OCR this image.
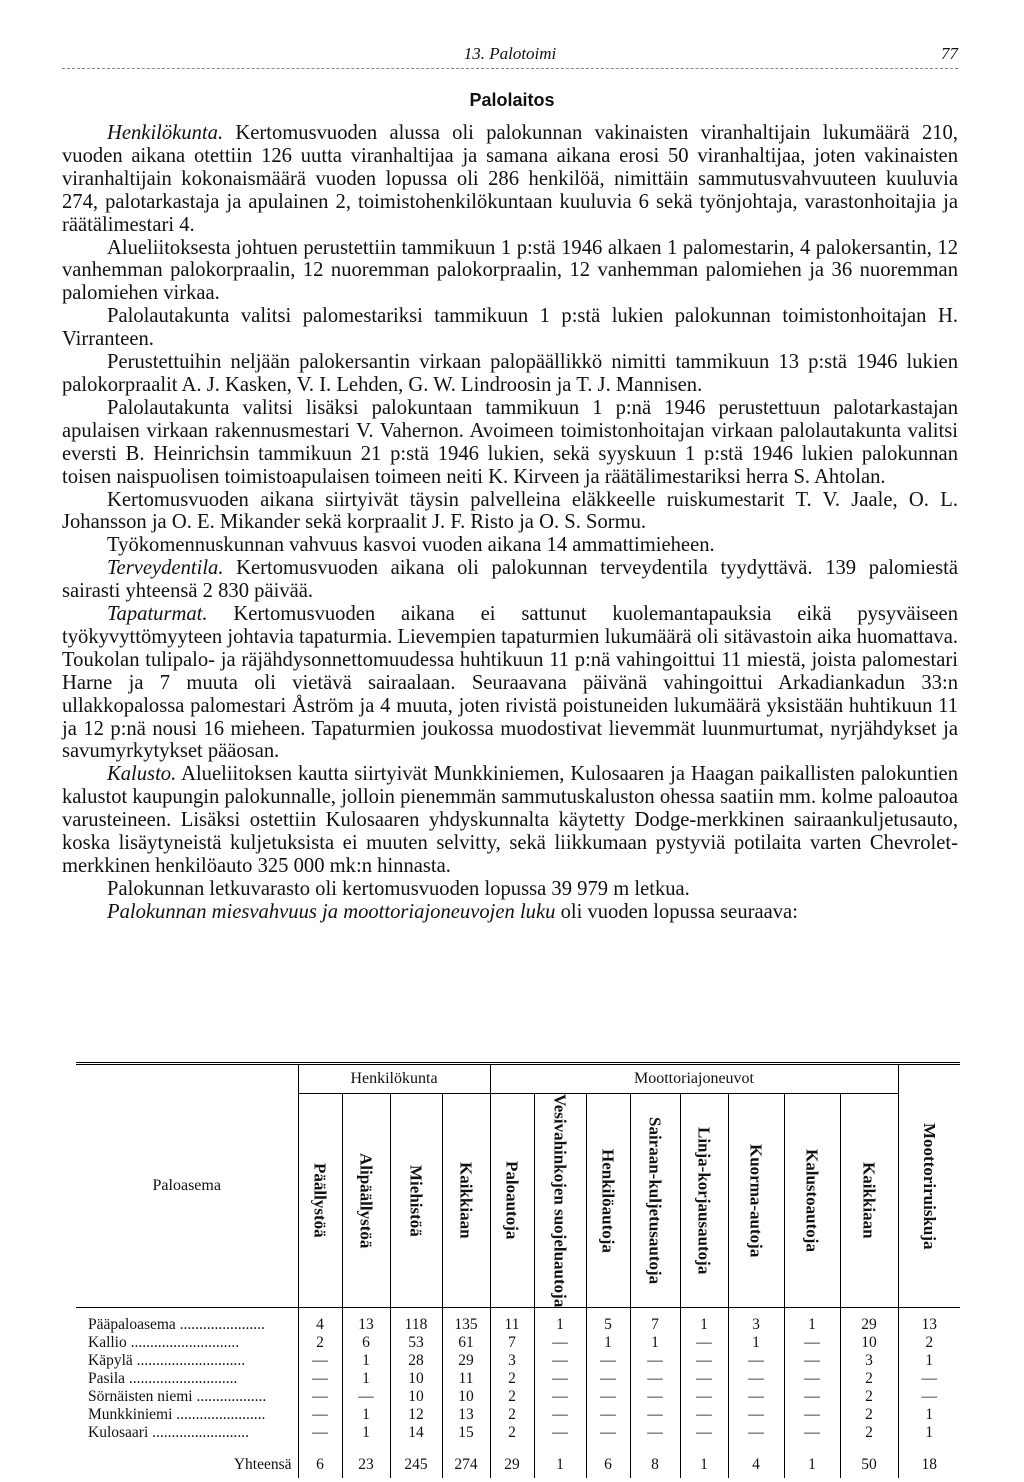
13. Palotoimi	77
Palolaitos

Henkilökunta. Kertomusvuoden alussa oli palokunnan vakinaisten viranhaltijain lukumäärä 210, vuoden aikana otettiin 126 uutta viranhaltijaa ja samana aikana erosi 50 viranhaltijaa, joten vakinaisten viranhaltijain kokonaismäärä vuoden lopussa oli 286 henkilöä, nimittäin sammutusvahvuuteen kuuluvia 274, palotarkastaja ja apulainen 2, toimistohenkilökuntaan kuuluvia 6 sekä työnjohtaja, varastonhoitajia ja räätälimestari 4.

Alueliitoksesta johtuen perustettiin tammikuun 1 p:stä 1946 alkaen 1 palomestarin, 4 palokersantin, 12 vanhemman palokorpraalin, 12 nuoremman palokorpraalin, 12 vanhemman palomiehen ja 36 nuoremman palomiehen virkaa.

Palolautakunta valitsi palomestariksi tammikuun 1 p:stä lukien palokunnan toimistonhoitajan H. Virranteen.

Perustettuihin neljään palokersantin virkaan palopäällikkö nimitti tammikuun 13 p:stä 1946 lukien palokorpraalit A. J. Kasken, V. I. Lehden, G. W. Lindroosin ja T. J. Mannisen.

Palolautakunta valitsi lisäksi palokuntaan tammikuun 1 p:nä 1946 perustettuun palotarkastajan apulaisen virkaan rakennusmestari V. Vahernon. Avoimeen toimistonhoitajan virkaan palolautakunta valitsi eversti B. Heinrichsin tammikuun 21 p:stä 1946 lukien, sekä syyskuun 1 p:stä 1946 lukien palokunnan toisen naispuolisen toimistoapulaisen toimeen neiti K. Kirveen ja räätälimestariksi herra S. Ahtolan.

Kertomusvuoden aikana siirtyivät täysin palvelleina eläkkeelle ruiskumestarit T. V. Jaale, O. L. Johansson ja O. E. Mikander sekä korpraalit J. F. Risto ja O. S. Sormu.

Työkomennuskunnan vahvuus kasvoi vuoden aikana 14 ammattimieheen.

Terveydentila. Kertomusvuoden aikana oli palokunnan terveydentila tyydyttävä. 139 palomiestä sairasti yhteensä 2 830 päivää.

Tapaturmat. Kertomusvuoden aikana ei sattunut kuolemantapauksia eikä pysyväiseen työkyvyttömyyteen johtavia tapaturmia. Lievempien tapaturmien lukumäärä oli sitävastoin aika huomattava. Toukolan tulipalo- ja räjähdysonnettomuudessa huhtikuun 11 p:nä vahingoittui 11 miestä, joista palomestari Harne ja 7 muuta oli vietävä sairaalaan. Seuraavana päivänä vahingoittui Arkadiankadun 33:n ullakkopalossa palomestari Åström ja 4 muuta, joten rivistä poistuneiden lukumäärä yksistään huhtikuun 11 ja 12 p:nä nousi 16 mieheen. Tapaturmien joukossa muodostivat lievemmät luunmurtumat, nyrjähdykset ja savumyrkytykset pääosan.

Kalusto. Alueliitoksen kautta siirtyivät Munkkiniemen, Kulosaaren ja Haagan paikallisten palokuntien kalustot kaupungin palokunnalle, jolloin pienemmän sammutuskaluston ohessa saatiin mm. kolme paloautoa varusteineen. Lisäksi ostettiin Kulosaaren yhdyskunnalta käytetty Dodge-merkkinen sairaankuljetusauto, koska lisäytyneistä kuljetuksista ei muuten selvitty, sekä liikkumaan pystyviä potilaita varten Chevrolet-merkkinen henkilöauto 325 000 mk:n hinnasta.

Palokunnan letkuvarasto oli kertomusvuoden lopussa 39 979 m letkua.

Palokunnan miesvahvuus ja moottoriajoneuvojen luku oli vuoden lopussa seuraava:

Paloasema	Henkilökunta				Moottoriajoneuvot								Moottoriruiskuja

	Päällystöä	Alipäällystöä	Miehistöä	Kaikkiaan	Paloautoja	Vesivahinkojen suojeluautoja	Henkilöautoja	Sairaan-kuljetusautoja	Linja-korjausautoja	Kuorma-autoja	Kalustoautoja	Kaikkiaan	

Pääpaloasema ......................	4	13	118	135	11	1	5	7	1	3	1	29	13
Kallio ............................	2	6	53	61	7	—	1	1	—	1	—	10	2
Käpylä ............................	—	1	28	29	3	—	—	—	—	—	—	3	1
Pasila ............................	—	1	10	11	2	—	—	—	—	—	—	2	—
Sörnäisten niemi ..................	—	—	10	10	2	—	—	—	—	—	—	2	—
Munkkiniemi .......................	—	1	12	13	2	—	—	—	—	—	—	2	1
Kulosaari .........................	—	1	14	15	2	—	—	—	—	—	—	2	1
Yhteensä	6	23	245	274	29	1	6	8	1	4	1	50	18
